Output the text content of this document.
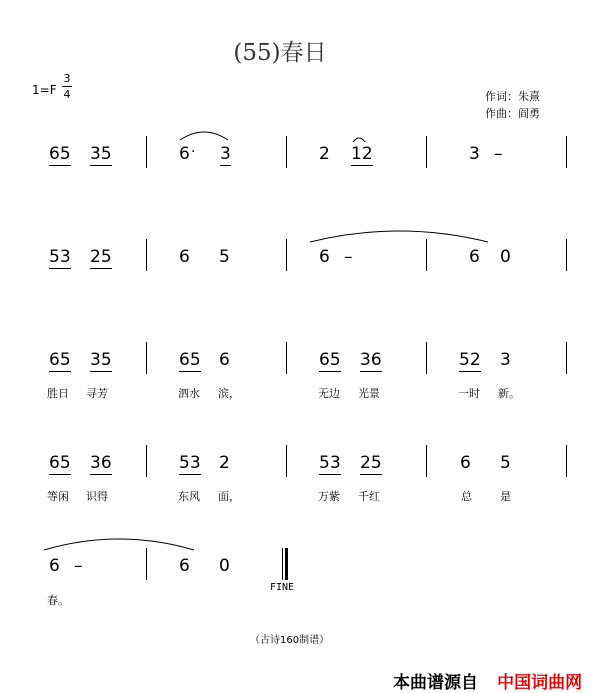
(55)春日
1=F
3
4	作词：朱熹
作曲：阎勇
65 35	6 · 3	2 12	3 –
53 25	6 5	6 –	6 0
65 35	65 6	65 36	52 3
胜日 寻芳	泗水 滨，	无边 光景	一时 新。
65 36	53 2	53 25	6 5
等闲 识得	东风 面，	万紫 千红	总	是
6 –	6 0
FINE
春。
（古诗160制谱）
本曲谱源自 中国词曲网
